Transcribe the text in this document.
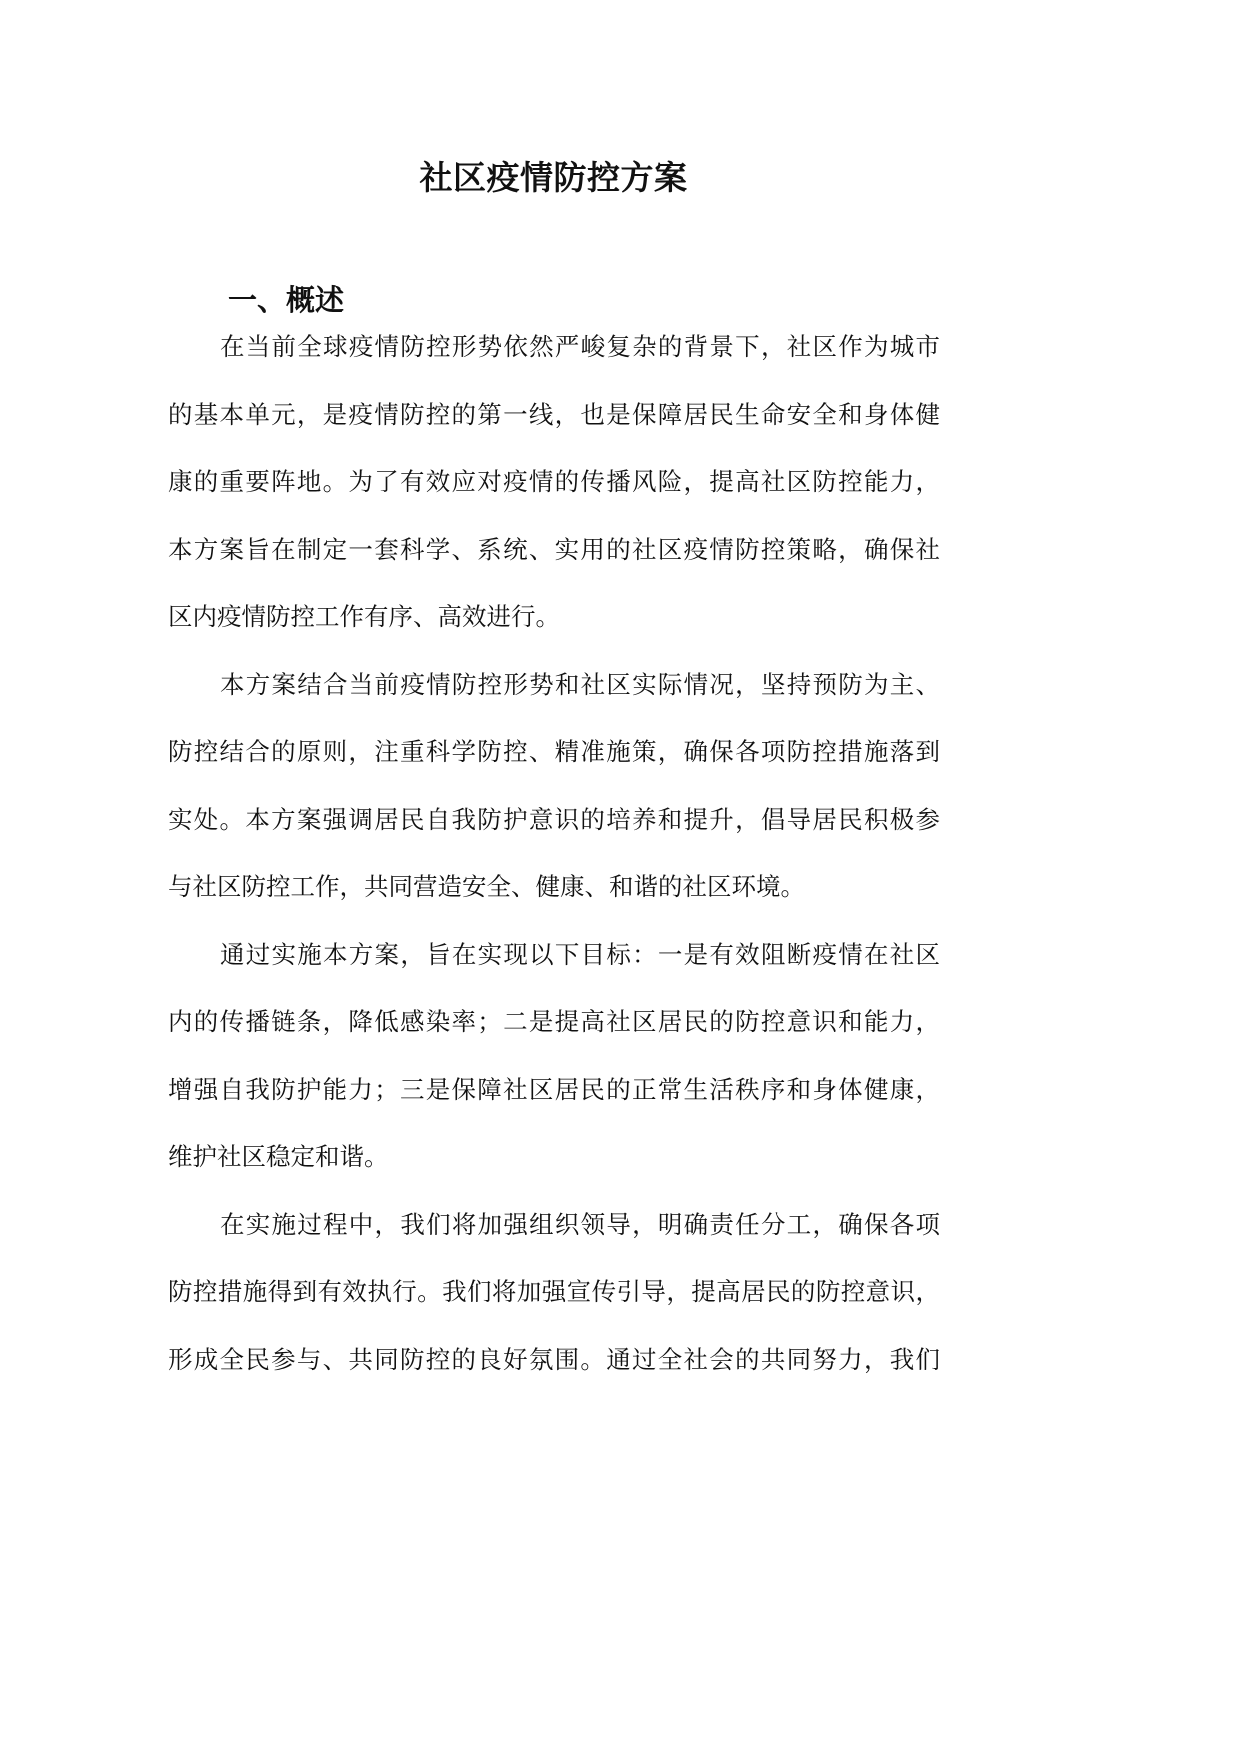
社区疫情防控方案
一、概述
在当前全球疫情防控形势依然严峻复杂的背景下，社区作为城市
的基本单元，是疫情防控的第一线，也是保障居民生命安全和身体健
康的重要阵地。为了有效应对疫情的传播风险，提高社区防控能力，
本方案旨在制定一套科学、系统、实用的社区疫情防控策略，确保社
区内疫情防控工作有序、高效进行。
本方案结合当前疫情防控形势和社区实际情况，坚持预防为主、
防控结合的原则，注重科学防控、精准施策，确保各项防控措施落到
实处。本方案强调居民自我防护意识的培养和提升，倡导居民积极参
与社区防控工作，共同营造安全、健康、和谐的社区环境。
通过实施本方案，旨在实现以下目标：一是有效阻断疫情在社区
内的传播链条，降低感染率；二是提高社区居民的防控意识和能力，
增强自我防护能力；三是保障社区居民的正常生活秩序和身体健康，
维护社区稳定和谐。
在实施过程中，我们将加强组织领导，明确责任分工，确保各项
防控措施得到有效执行。我们将加强宣传引导，提高居民的防控意识，
形成全民参与、共同防控的良好氛围。通过全社会的共同努力，我们
